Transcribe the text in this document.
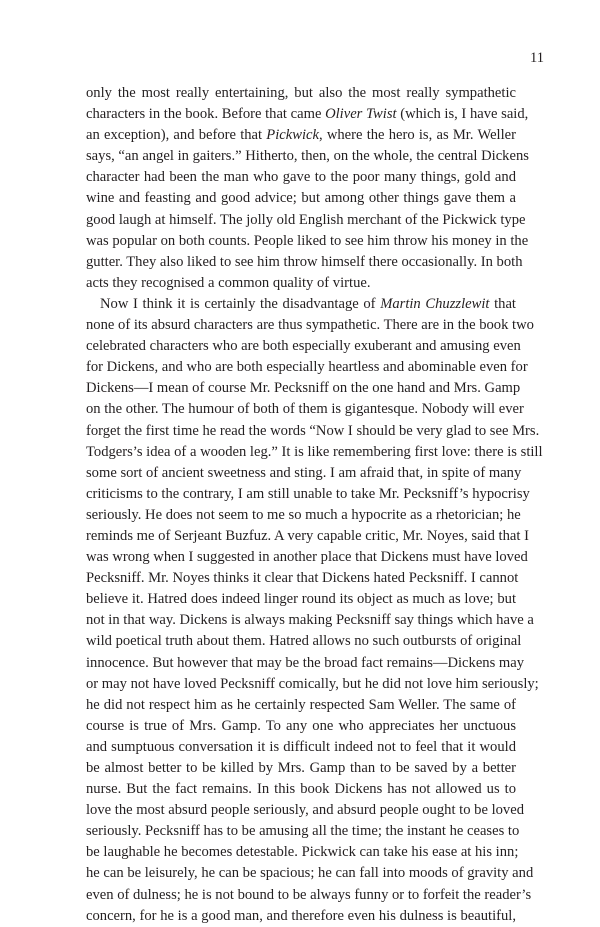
11
only the most really entertaining, but also the most really sympathetic
characters in the book. Before that came Oliver Twist (which is, I have said,
an exception), and before that Pickwick, where the hero is, as Mr. Weller
says, “an angel in gaiters.” Hitherto, then, on the whole, the central Dickens
character had been the man who gave to the poor many things, gold and
wine and feasting and good advice; but among other things gave them a
good laugh at himself. The jolly old English merchant of the Pickwick type
was popular on both counts. People liked to see him throw his money in the
gutter. They also liked to see him throw himself there occasionally. In both
acts they recognised a common quality of virtue.
Now I think it is certainly the disadvantage of Martin Chuzzlewit that
none of its absurd characters are thus sympathetic. There are in the book two
celebrated characters who are both especially exuberant and amusing even
for Dickens, and who are both especially heartless and abominable even for
Dickens—I mean of course Mr. Pecksniff on the one hand and Mrs. Gamp
on the other. The humour of both of them is gigantesque. Nobody will ever
forget the first time he read the words “Now I should be very glad to see Mrs.
Todgers’s idea of a wooden leg.” It is like remembering first love: there is still
some sort of ancient sweetness and sting. I am afraid that, in spite of many
criticisms to the contrary, I am still unable to take Mr. Pecksniff’s hypocrisy
seriously. He does not seem to me so much a hypocrite as a rhetorician; he
reminds me of Serjeant Buzfuz. A very capable critic, Mr. Noyes, said that I
was wrong when I suggested in another place that Dickens must have loved
Pecksniff. Mr. Noyes thinks it clear that Dickens hated Pecksniff. I cannot
believe it. Hatred does indeed linger round its object as much as love; but
not in that way. Dickens is always making Pecksniff say things which have a
wild poetical truth about them. Hatred allows no such outbursts of original
innocence. But however that may be the broad fact remains—Dickens may
or may not have loved Pecksniff comically, but he did not love him seriously;
he did not respect him as he certainly respected Sam Weller. The same of
course is true of Mrs. Gamp. To any one who appreciates her unctuous
and sumptuous conversation it is difficult indeed not to feel that it would
be almost better to be killed by Mrs. Gamp than to be saved by a better
nurse. But the fact remains. In this book Dickens has not allowed us to
love the most absurd people seriously, and absurd people ought to be loved
seriously. Pecksniff has to be amusing all the time; the instant he ceases to
be laughable he becomes detestable. Pickwick can take his ease at his inn;
he can be leisurely, he can be spacious; he can fall into moods of gravity and
even of dulness; he is not bound to be always funny or to forfeit the reader’s
concern, for he is a good man, and therefore even his dulness is beautiful,
